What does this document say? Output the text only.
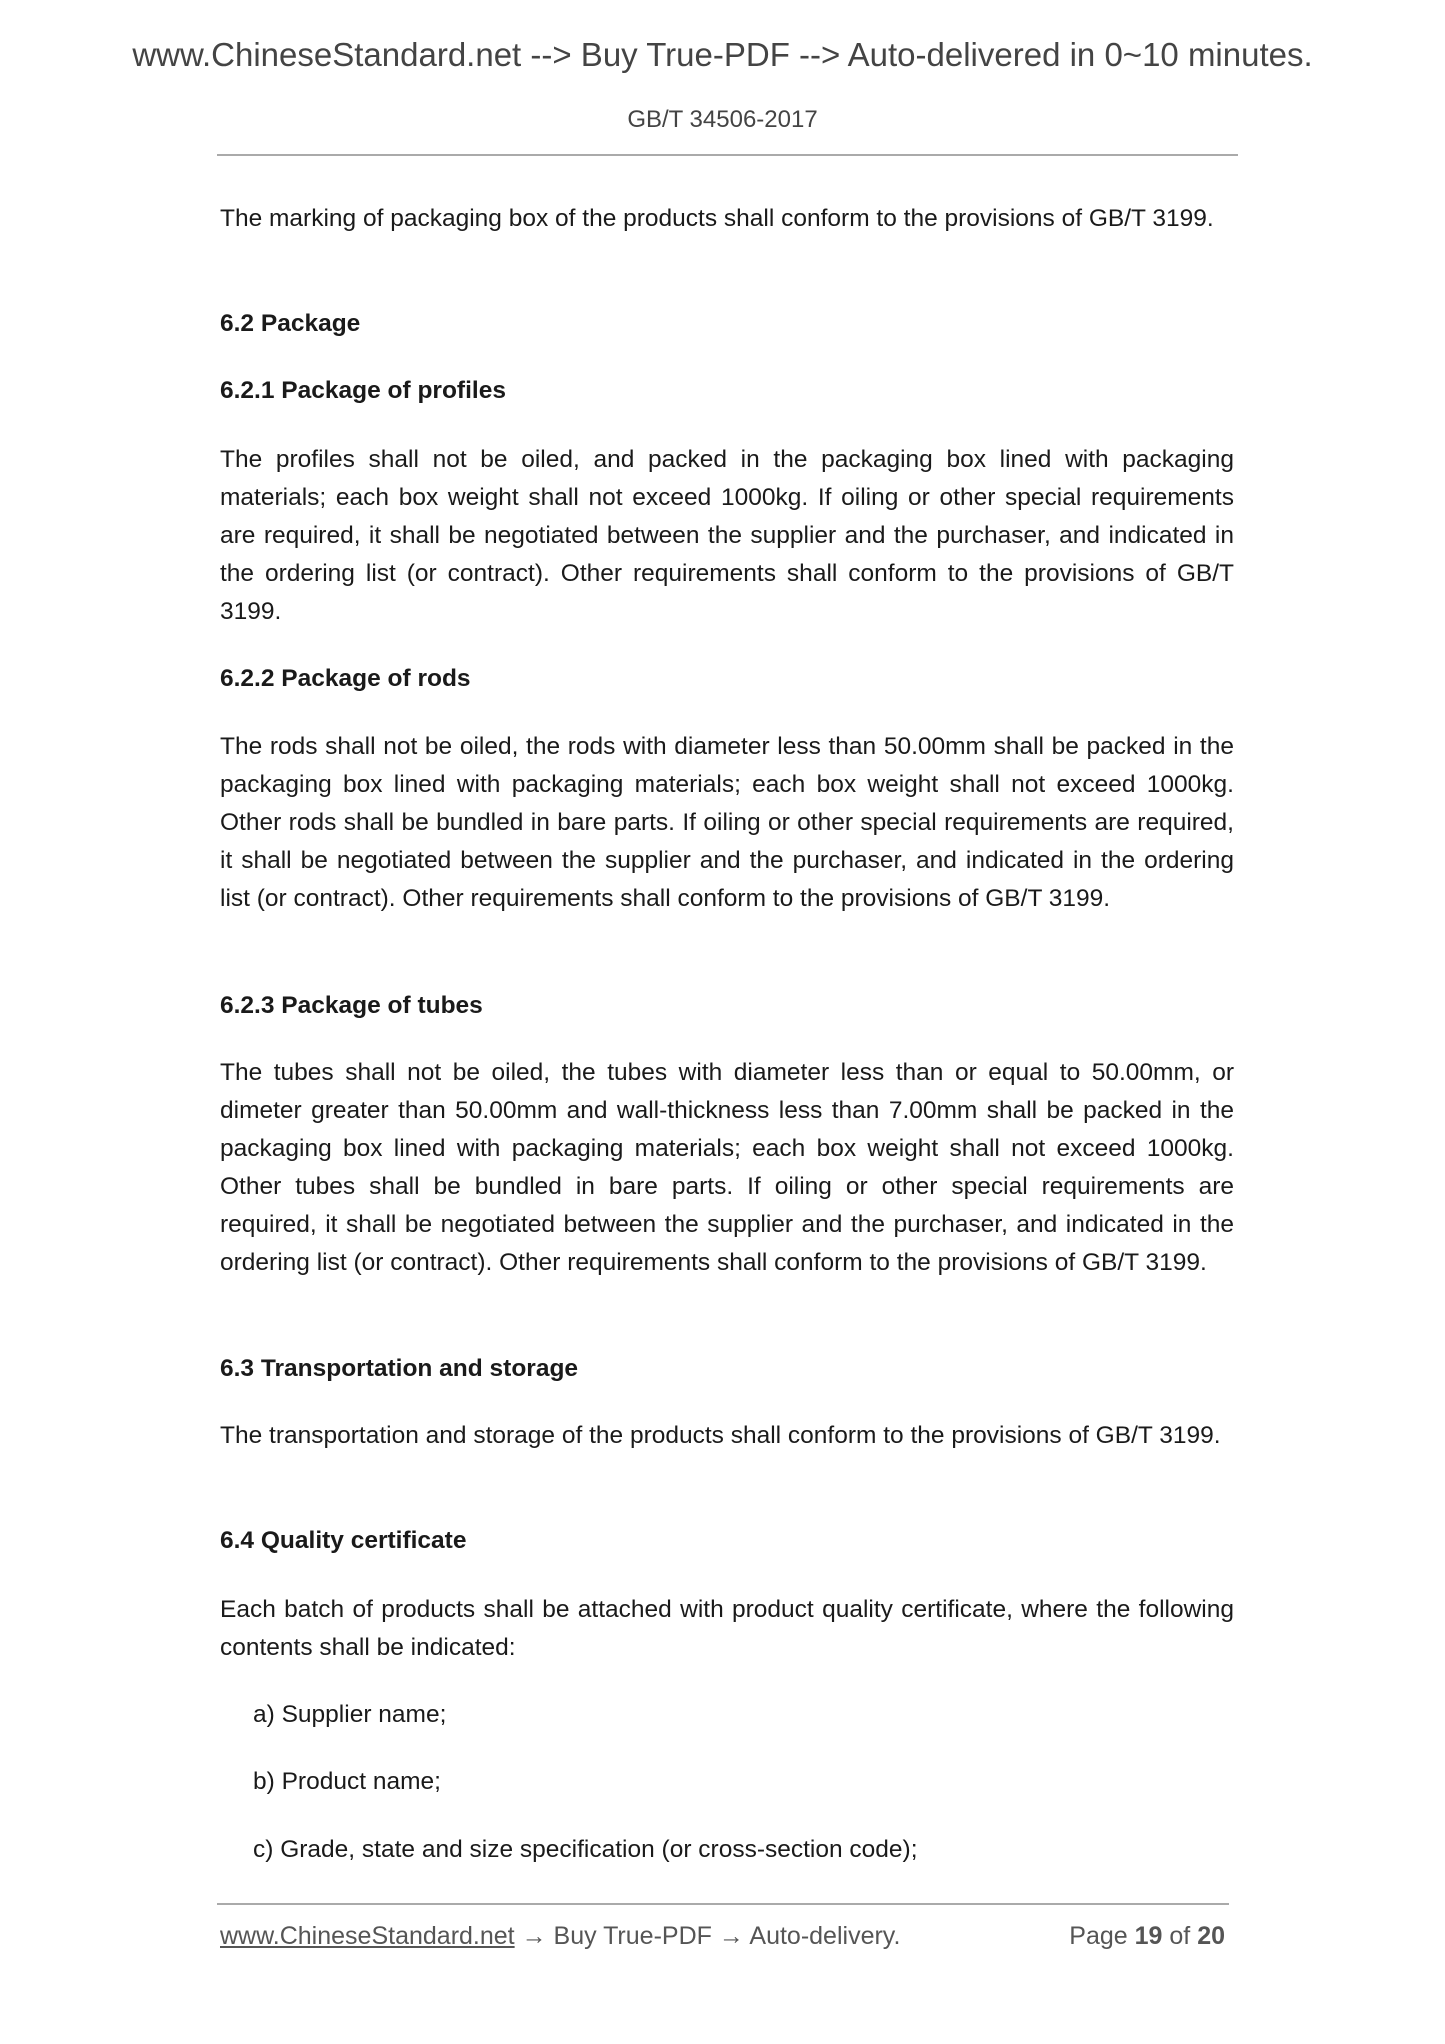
www.ChineseStandard.net --> Buy True-PDF --> Auto-delivered in 0~10 minutes.
GB/T 34506-2017
The marking of packaging box of the products shall conform to the provisions of GB/T 3199.
6.2 Package
6.2.1 Package of profiles
The profiles shall not be oiled, and packed in the packaging box lined with packaging materials; each box weight shall not exceed 1000kg. If oiling or other special requirements are required, it shall be negotiated between the supplier and the purchaser, and indicated in the ordering list (or contract). Other requirements shall conform to the provisions of GB/T 3199.
6.2.2 Package of rods
The rods shall not be oiled, the rods with diameter less than 50.00mm shall be packed in the packaging box lined with packaging materials; each box weight shall not exceed 1000kg. Other rods shall be bundled in bare parts. If oiling or other special requirements are required, it shall be negotiated between the supplier and the purchaser, and indicated in the ordering list (or contract). Other requirements shall conform to the provisions of GB/T 3199.
6.2.3 Package of tubes
The tubes shall not be oiled, the tubes with diameter less than or equal to 50.00mm, or dimeter greater than 50.00mm and wall-thickness less than 7.00mm shall be packed in the packaging box lined with packaging materials; each box weight shall not exceed 1000kg. Other tubes shall be bundled in bare parts. If oiling or other special requirements are required, it shall be negotiated between the supplier and the purchaser, and indicated in the ordering list (or contract). Other requirements shall conform to the provisions of GB/T 3199.
6.3 Transportation and storage
The transportation and storage of the products shall conform to the provisions of GB/T 3199.
6.4 Quality certificate
Each batch of products shall be attached with product quality certificate, where the following contents shall be indicated:
a) Supplier name;
b) Product name;
c) Grade, state and size specification (or cross-section code);
www.ChineseStandard.net → Buy True-PDF → Auto-delivery.	Page 19 of 20
